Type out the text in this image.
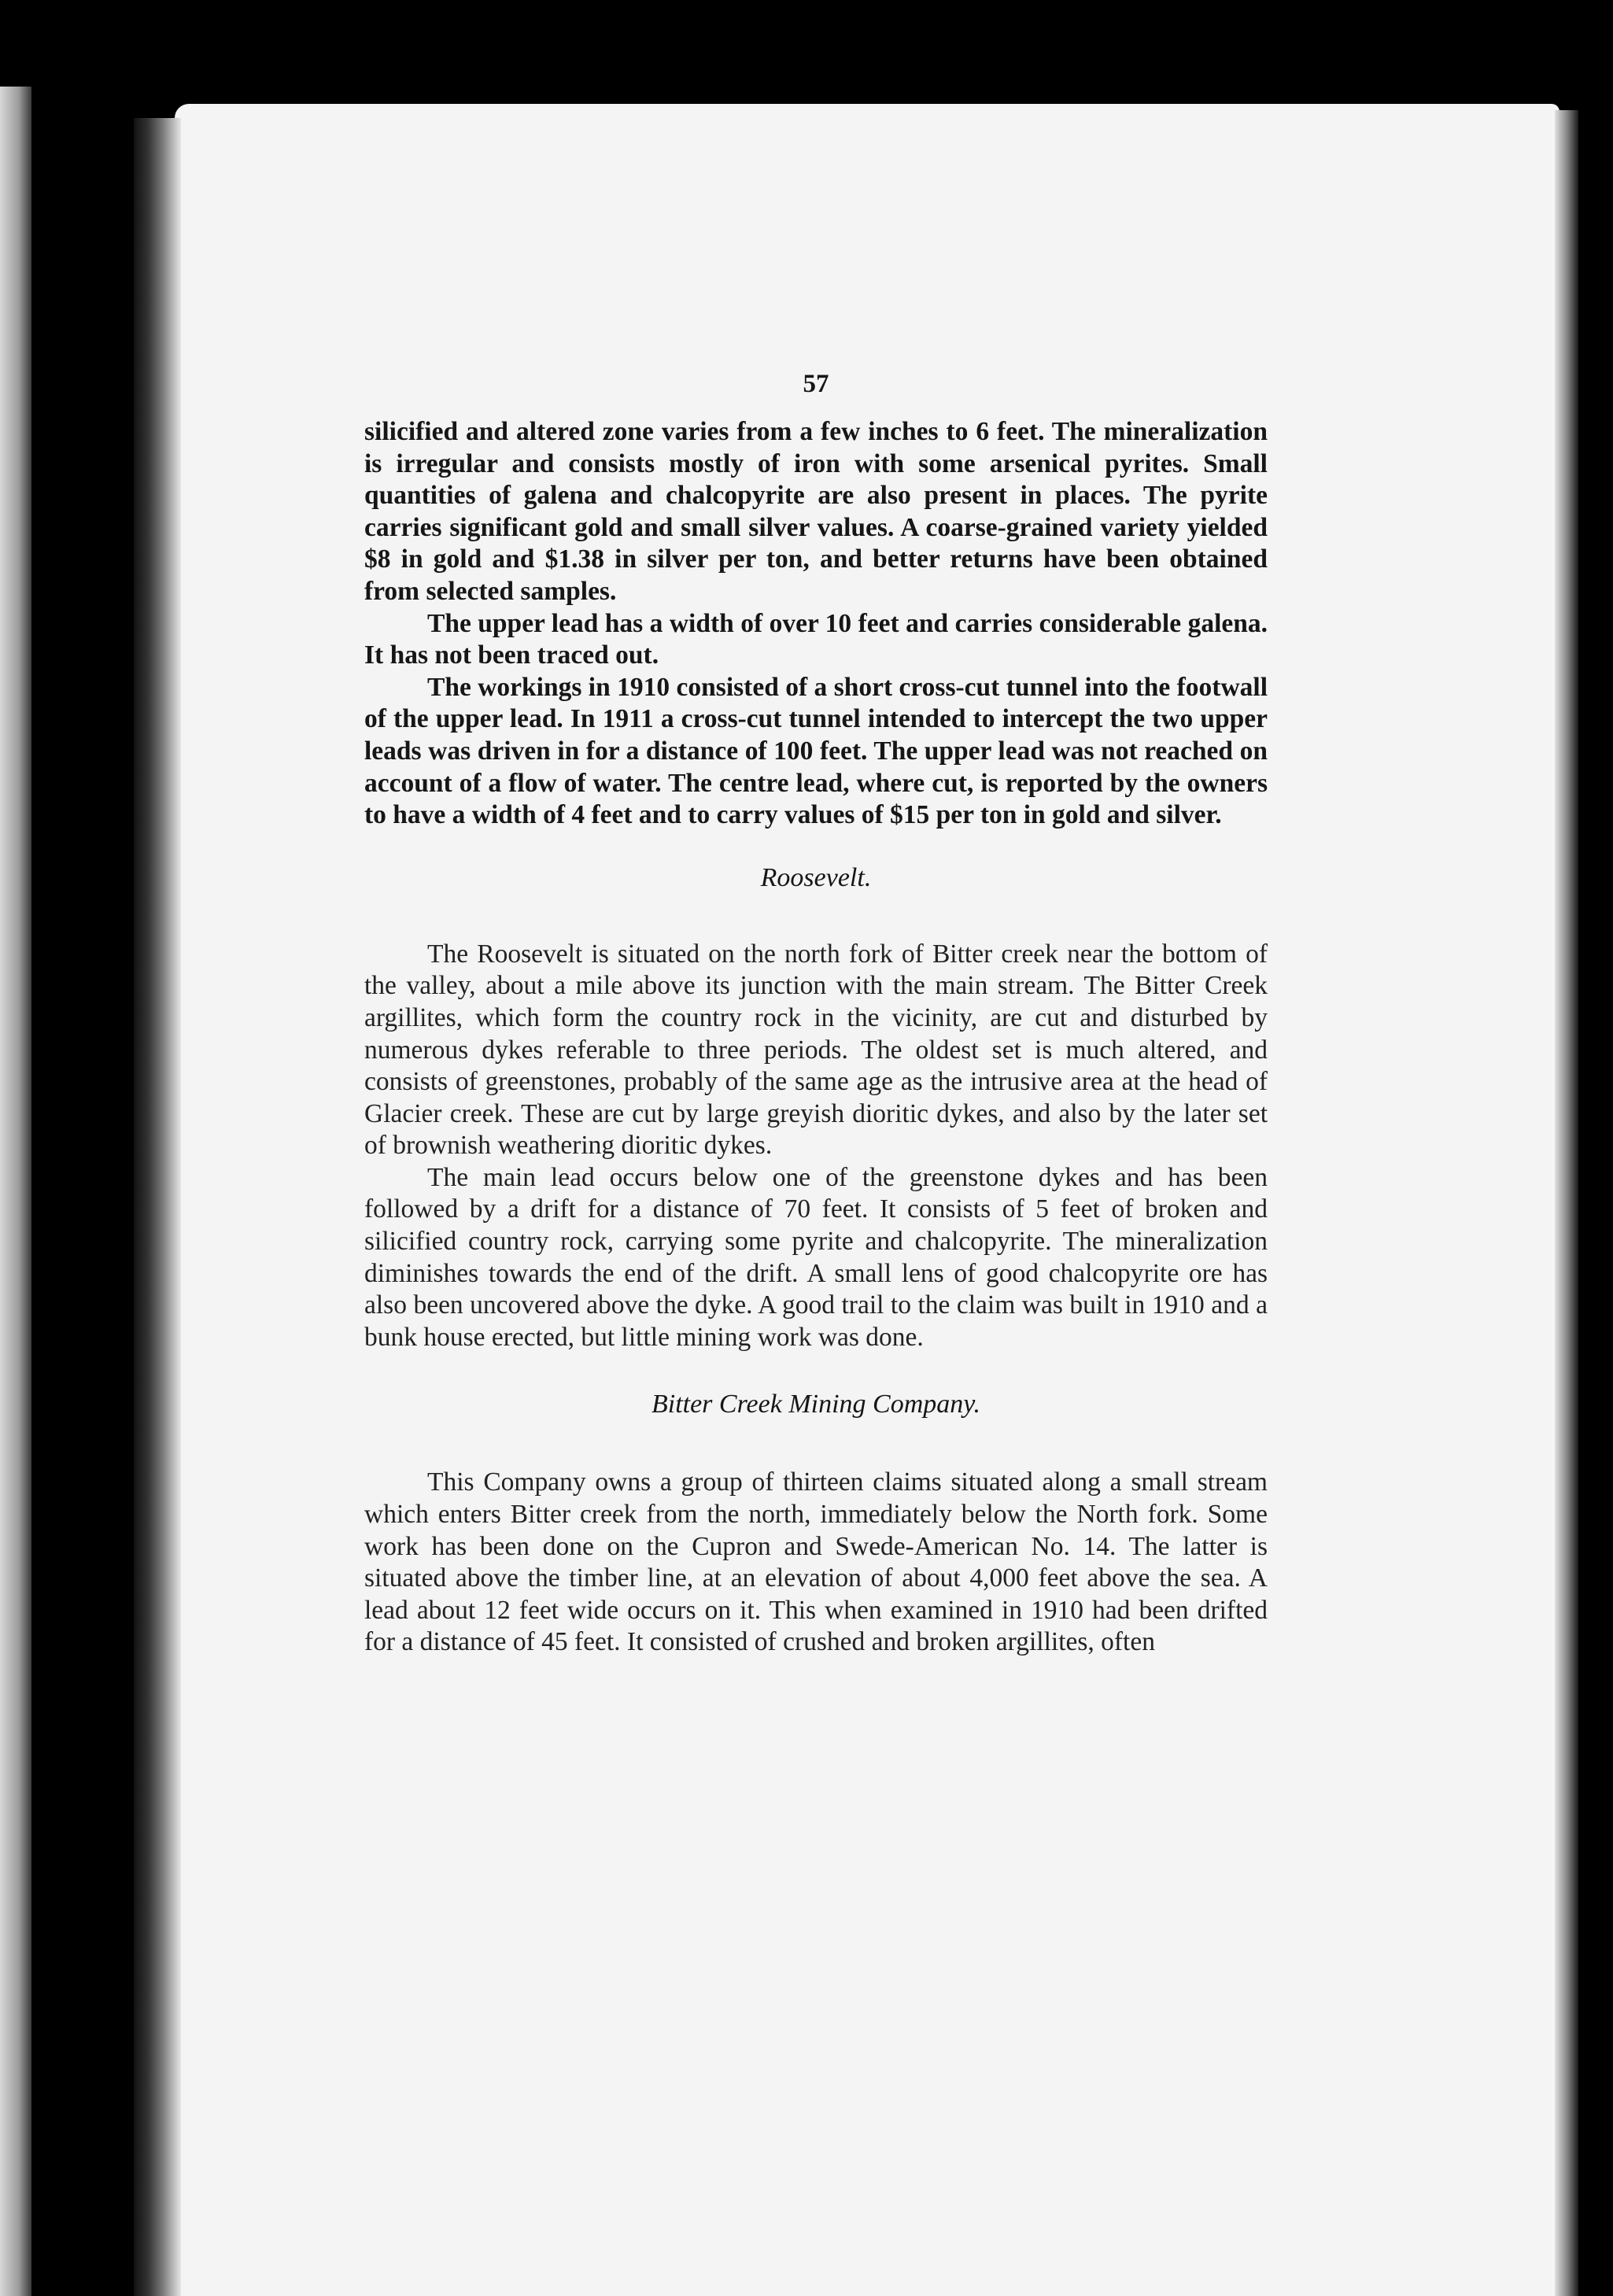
57

silicified and altered zone varies from a few inches to 6 feet. The mineralization is irregular and consists mostly of iron with some arsenical pyrites. Small quantities of galena and chalcopyrite are also present in places. The pyrite carries significant gold and small silver values. A coarse-grained variety yielded $8 in gold and $1.38 in silver per ton, and better returns have been obtained from selected samples.

The upper lead has a width of over 10 feet and carries considerable galena. It has not been traced out.

The workings in 1910 consisted of a short cross-cut tunnel into the footwall of the upper lead. In 1911 a cross-cut tunnel intended to intercept the two upper leads was driven in for a distance of 100 feet. The upper lead was not reached on account of a flow of water. The centre lead, where cut, is reported by the owners to have a width of 4 feet and to carry values of $15 per ton in gold and silver.

Roosevelt.

The Roosevelt is situated on the north fork of Bitter creek near the bottom of the valley, about a mile above its junction with the main stream. The Bitter Creek argillites, which form the country rock in the vicinity, are cut and disturbed by numerous dykes referable to three periods. The oldest set is much altered, and consists of greenstones, probably of the same age as the intrusive area at the head of Glacier creek. These are cut by large greyish dioritic dykes, and also by the later set of brownish weathering dioritic dykes.

The main lead occurs below one of the greenstone dykes and has been followed by a drift for a distance of 70 feet. It consists of 5 feet of broken and silicified country rock, carrying some pyrite and chalcopyrite. The mineralization diminishes towards the end of the drift. A small lens of good chalcopyrite ore has also been uncovered above the dyke. A good trail to the claim was built in 1910 and a bunk house erected, but little mining work was done.

Bitter Creek Mining Company.

This Company owns a group of thirteen claims situated along a small stream which enters Bitter creek from the north, immediately below the North fork. Some work has been done on the Cupron and Swede-American No. 14. The latter is situated above the timber line, at an elevation of about 4,000 feet above the sea. A lead about 12 feet wide occurs on it. This when examined in 1910 had been drifted for a distance of 45 feet. It consisted of crushed and broken argillites, often
